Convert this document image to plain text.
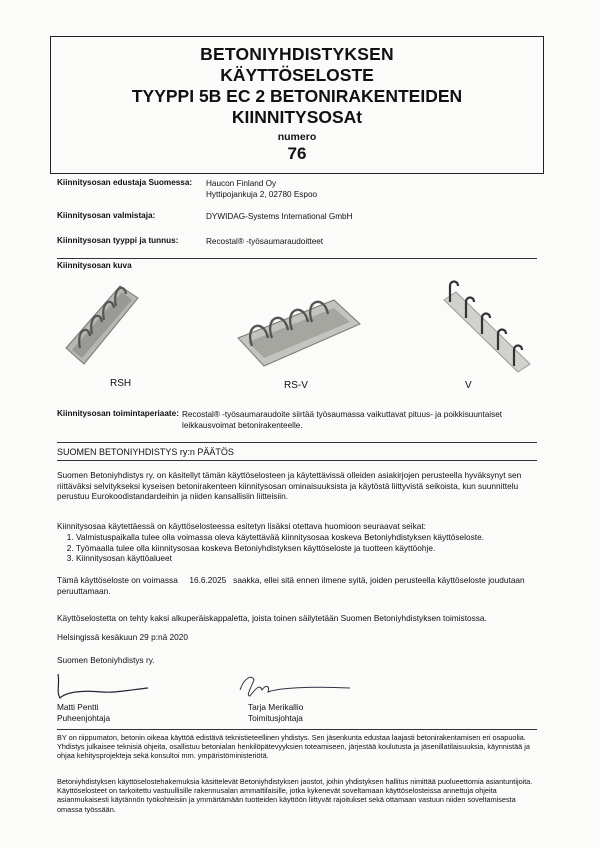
BETONIYHDISTYKSEN
KÄYTTÖSELOSTE
TYYPPI 5B EC 2 BETONIRAKENTEIDEN
KIINNITYSOSAt
numero
76
Kiinnitysosan edustaja Suomessa: Haucon Finland Oy
Hyttipojankuja 2, 02780 Espoo
Kiinnitysosan valmistaja:	DYWIDAG-Systems International GmbH
Kiinnitysosan tyyppi ja tunnus:	Recostal® -työsaumaraudoitteet
Kiinnitysosan kuva
RSH	RS-V	V
Kiinnitysosan toimintaperiaate: Recostal® -työsaumaraudoite siirtää työsaumassa vaikuttavat pituus- ja poikkisuuntaiset leikkausvoimat betonirakenteelle.
SUOMEN BETONIYHDISTYS ry:n PÄÄTÖS
Suomen Betoniyhdistys ry. on käsitellyt tämän käyttöselosteen ja käytettävissä olleiden asiakirjojen perusteella hyväksynyt sen riittäväksi selvitykseksi kyseisen betonirakenteen kiinnitysosan ominaisuuksista ja käytöstä liittyvistä seikoista, kun suunnittelu perustuu Eurokoodistandardeihin ja niiden kansallisiin liitteisiin.
Kiinnitysosaa käytettäessä on käyttöselosteessa esitetyn lisäksi otettava huomioon seuraavat seikat:
1. Valmistuspaikalla tulee olla voimassa oleva käytettävää kiinnitysosaa koskeva Betoniyhdistyksen käyttöseloste.
2. Työmaalla tulee olla kiinnitysosaa koskeva Betoniyhdistyksen käyttöseloste ja tuotteen käyttöohje.
3. Kiinnitysosan käyttöalueet
Tämä käyttöseloste on voimassa     16.6.2025   saakka, ellei sitä ennen ilmene syitä, joiden perusteella käyttöseloste joudutaan peruuttamaan.
Käyttöselostetta on tehty kaksi alkuperäiskappaletta, joista toinen säilytetään Suomen Betoniyhdistyksen toimistossa.
Helsingissä kesäkuun 29 p:nä 2020
Suomen Betoniyhdistys ry.
Matti Pentti
Puheenjohtaja
Tarja Merikallio
Toimitusjohtaja
BY on riippumaton, betonin oikeaa käyttöä edistävä teknistieteellinen yhdistys. Sen jäsenkunta edustaa laajasti betonirakentamisen eri osapuolia. Yhdistys julkaisee teknisiä ohjeita, osallistuu betonialan henkilöpätevyyksien toteamiseen, järjestää koulutusta ja jäsenillatilaisuuksia, käynnistää ja ohjaa kehitysprojekteja sekä konsultoi mm. ympäristöministeriötä.
Betoniyhdistyksen käyttöselostehakemuksia käsittelevät Betoniyhdistyksen jaostot, joihin yhdistyksen hallitus nimittää puolueettomia asiantuntijoita. Käyttöselosteet on tarkoitettu vastuullisille rakennusalan ammattilaisille, jotka kykenevät soveltamaan käyttöselosteissa annettuja ohjeita asianmukaisesti käytännön työkohteisiin ja ymmärtämään tuotteiden käyttöön liittyvät rajoitukset sekä ottamaan vastuun niiden soveltamisesta omassa työssään.
